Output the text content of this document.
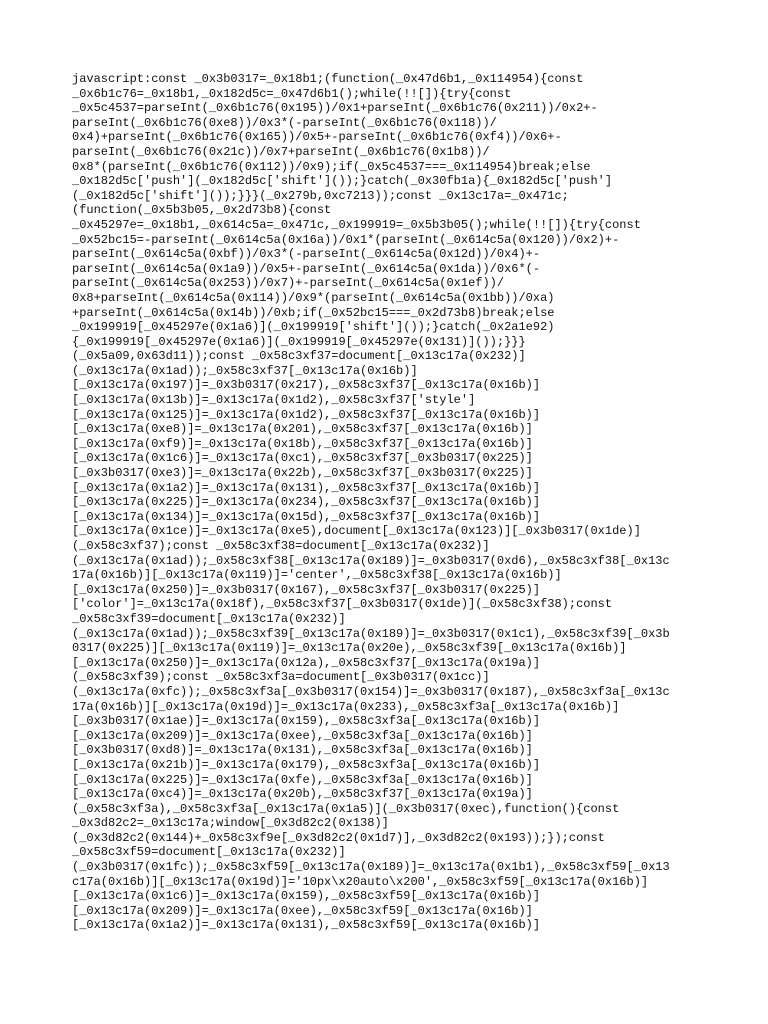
javascript:const _0x3b0317=_0x18b1;(function(_0x47d6b1,_0x114954){const
_0x6b1c76=_0x18b1,_0x182d5c=_0x47d6b1();while(!![]){try{const
_0x5c4537=parseInt(_0x6b1c76(0x195))/0x1+parseInt(_0x6b1c76(0x211))/0x2+-
parseInt(_0x6b1c76(0xe8))/0x3*(-parseInt(_0x6b1c76(0x118))/
0x4)+parseInt(_0x6b1c76(0x165))/0x5+-parseInt(_0x6b1c76(0xf4))/0x6+-
parseInt(_0x6b1c76(0x21c))/0x7+parseInt(_0x6b1c76(0x1b8))/
0x8*(parseInt(_0x6b1c76(0x112))/0x9);if(_0x5c4537===_0x114954)break;else
_0x182d5c['push'](_0x182d5c['shift']());}catch(_0x30fb1a){_0x182d5c['push']
(_0x182d5c['shift']());}}}(_0x279b,0xc7213));const _0x13c17a=_0x471c;
(function(_0x5b3b05,_0x2d73b8){const
_0x45297e=_0x18b1,_0x614c5a=_0x471c,_0x199919=_0x5b3b05();while(!![]){try{const
_0x52bc15=-parseInt(_0x614c5a(0x16a))/0x1*(parseInt(_0x614c5a(0x120))/0x2)+-
parseInt(_0x614c5a(0xbf))/0x3*(-parseInt(_0x614c5a(0x12d))/0x4)+-
parseInt(_0x614c5a(0x1a9))/0x5+-parseInt(_0x614c5a(0x1da))/0x6*(-
parseInt(_0x614c5a(0x253))/0x7)+-parseInt(_0x614c5a(0x1ef))/
0x8+parseInt(_0x614c5a(0x114))/0x9*(parseInt(_0x614c5a(0x1bb))/0xa)
+parseInt(_0x614c5a(0x14b))/0xb;if(_0x52bc15===_0x2d73b8)break;else
_0x199919[_0x45297e(0x1a6)](_0x199919['shift']());}catch(_0x2a1e92)
{_0x199919[_0x45297e(0x1a6)](_0x199919[_0x45297e(0x131)]());}}}
(_0x5a09,0x63d11));const _0x58c3xf37=document[_0x13c17a(0x232)]
(_0x13c17a(0x1ad));_0x58c3xf37[_0x13c17a(0x16b)]
[_0x13c17a(0x197)]=_0x3b0317(0x217),_0x58c3xf37[_0x13c17a(0x16b)]
[_0x13c17a(0x13b)]=_0x13c17a(0x1d2),_0x58c3xf37['style']
[_0x13c17a(0x125)]=_0x13c17a(0x1d2),_0x58c3xf37[_0x13c17a(0x16b)]
[_0x13c17a(0xe8)]=_0x13c17a(0x201),_0x58c3xf37[_0x13c17a(0x16b)]
[_0x13c17a(0xf9)]=_0x13c17a(0x18b),_0x58c3xf37[_0x13c17a(0x16b)]
[_0x13c17a(0x1c6)]=_0x13c17a(0xc1),_0x58c3xf37[_0x3b0317(0x225)]
[_0x3b0317(0xe3)]=_0x13c17a(0x22b),_0x58c3xf37[_0x3b0317(0x225)]
[_0x13c17a(0x1a2)]=_0x13c17a(0x131),_0x58c3xf37[_0x13c17a(0x16b)]
[_0x13c17a(0x225)]=_0x13c17a(0x234),_0x58c3xf37[_0x13c17a(0x16b)]
[_0x13c17a(0x134)]=_0x13c17a(0x15d),_0x58c3xf37[_0x13c17a(0x16b)]
[_0x13c17a(0x1ce)]=_0x13c17a(0xe5),document[_0x13c17a(0x123)][_0x3b0317(0x1de)]
(_0x58c3xf37);const _0x58c3xf38=document[_0x13c17a(0x232)]
(_0x13c17a(0x1ad));_0x58c3xf38[_0x13c17a(0x189)]=_0x3b0317(0xd6),_0x58c3xf38[_0x13c
17a(0x16b)][_0x13c17a(0x119)]='center',_0x58c3xf38[_0x13c17a(0x16b)]
[_0x13c17a(0x250)]=_0x3b0317(0x167),_0x58c3xf37[_0x3b0317(0x225)]
['color']=_0x13c17a(0x18f),_0x58c3xf37[_0x3b0317(0x1de)](_0x58c3xf38);const
_0x58c3xf39=document[_0x13c17a(0x232)]
(_0x13c17a(0x1ad));_0x58c3xf39[_0x13c17a(0x189)]=_0x3b0317(0x1c1),_0x58c3xf39[_0x3b
0317(0x225)][_0x13c17a(0x119)]=_0x13c17a(0x20e),_0x58c3xf39[_0x13c17a(0x16b)]
[_0x13c17a(0x250)]=_0x13c17a(0x12a),_0x58c3xf37[_0x13c17a(0x19a)]
(_0x58c3xf39);const _0x58c3xf3a=document[_0x3b0317(0x1cc)]
(_0x13c17a(0xfc));_0x58c3xf3a[_0x3b0317(0x154)]=_0x3b0317(0x187),_0x58c3xf3a[_0x13c
17a(0x16b)][_0x13c17a(0x19d)]=_0x13c17a(0x233),_0x58c3xf3a[_0x13c17a(0x16b)]
[_0x3b0317(0x1ae)]=_0x13c17a(0x159),_0x58c3xf3a[_0x13c17a(0x16b)]
[_0x13c17a(0x209)]=_0x13c17a(0xee),_0x58c3xf3a[_0x13c17a(0x16b)]
[_0x3b0317(0xd8)]=_0x13c17a(0x131),_0x58c3xf3a[_0x13c17a(0x16b)]
[_0x13c17a(0x21b)]=_0x13c17a(0x179),_0x58c3xf3a[_0x13c17a(0x16b)]
[_0x13c17a(0x225)]=_0x13c17a(0xfe),_0x58c3xf3a[_0x13c17a(0x16b)]
[_0x13c17a(0xc4)]=_0x13c17a(0x20b),_0x58c3xf37[_0x13c17a(0x19a)]
(_0x58c3xf3a),_0x58c3xf3a[_0x13c17a(0x1a5)](_0x3b0317(0xec),function(){const
_0x3d82c2=_0x13c17a;window[_0x3d82c2(0x138)]
(_0x3d82c2(0x144)+_0x58c3xf9e[_0x3d82c2(0x1d7)],_0x3d82c2(0x193));});const
_0x58c3xf59=document[_0x13c17a(0x232)]
(_0x3b0317(0x1fc));_0x58c3xf59[_0x13c17a(0x189)]=_0x13c17a(0x1b1),_0x58c3xf59[_0x13
c17a(0x16b)][_0x13c17a(0x19d)]='10px\x20auto\x200',_0x58c3xf59[_0x13c17a(0x16b)]
[_0x13c17a(0x1c6)]=_0x13c17a(0x159),_0x58c3xf59[_0x13c17a(0x16b)]
[_0x13c17a(0x209)]=_0x13c17a(0xee),_0x58c3xf59[_0x13c17a(0x16b)]
[_0x13c17a(0x1a2)]=_0x13c17a(0x131),_0x58c3xf59[_0x13c17a(0x16b)]
